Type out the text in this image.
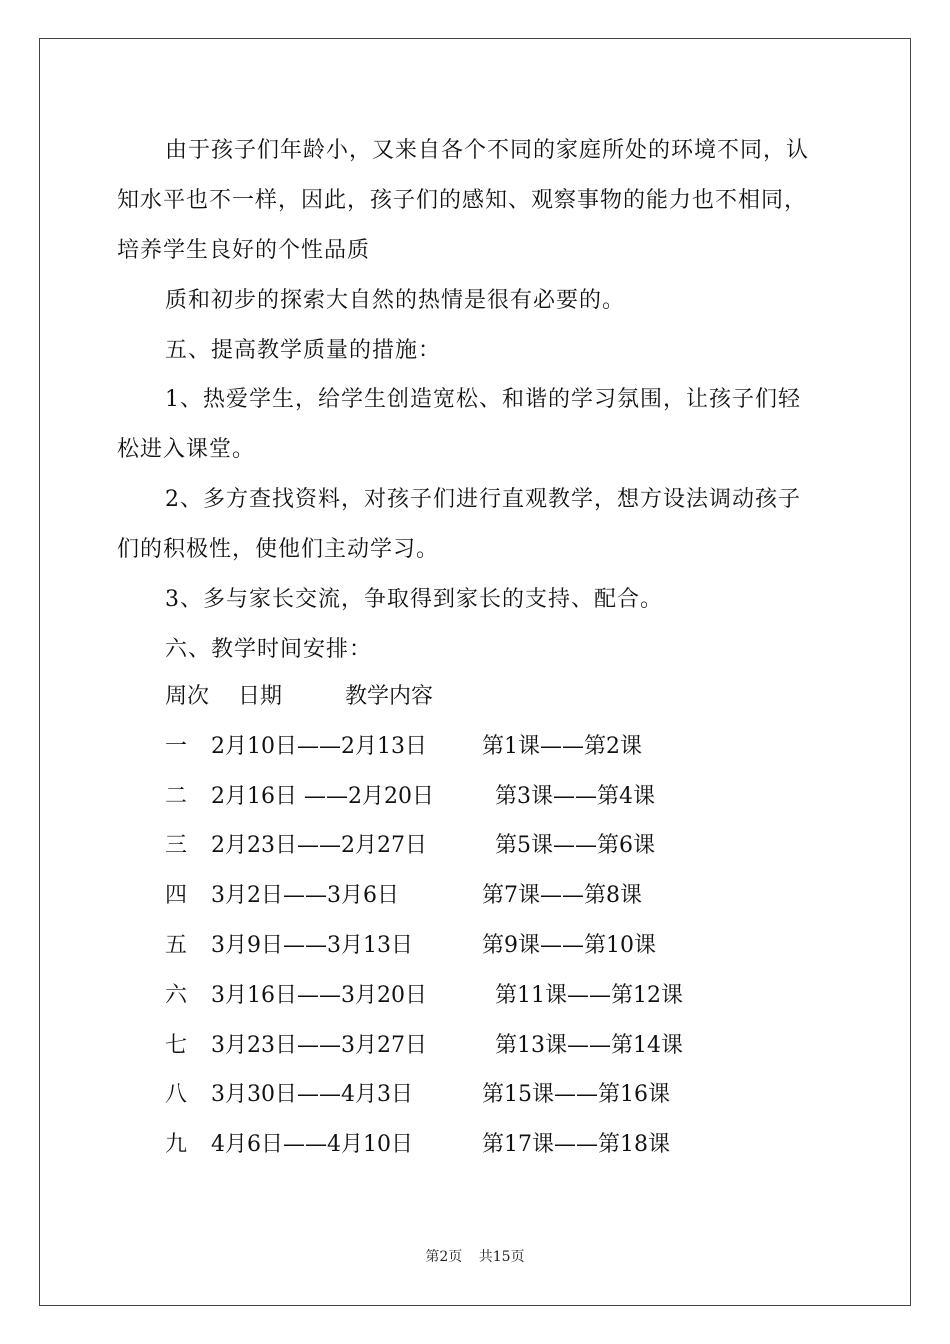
由于孩子们年龄小，又来自各个不同的家庭所处的环境不同，认
知水平也不一样，因此，孩子们的感知、观察事物的能力也不相同，
培养学生良好的个性品质
质和初步的探索大自然的热情是很有必要的。
五、提高教学质量的措施：
1、热爱学生，给学生创造宽松、和谐的学习氛围，让孩子们轻
松进入课堂。
2、多方查找资料，对孩子们进行直观教学，想方设法调动孩子
们的积极性，使他们主动学习。
3、多与家长交流，争取得到家长的支持、配合。
六、教学时间安排：
周次 日期	教学内容
一 2月10日——2月13日	第1课——第2课
二 2月16日 ——2月20日	第3课——第4课
三 2月23日——2月27日	第5课——第6课
四 3月2日——3月6日	第7课——第8课
五 3月9日——3月13日	第9课——第10课
六 3月16日——3月20日	第11课——第12课
七 3月23日——3月27日	第13课——第14课
八 3月30日——4月3日	第15课——第16课
九 4月6日——4月10日	第17课——第18课
第2页 共15页
